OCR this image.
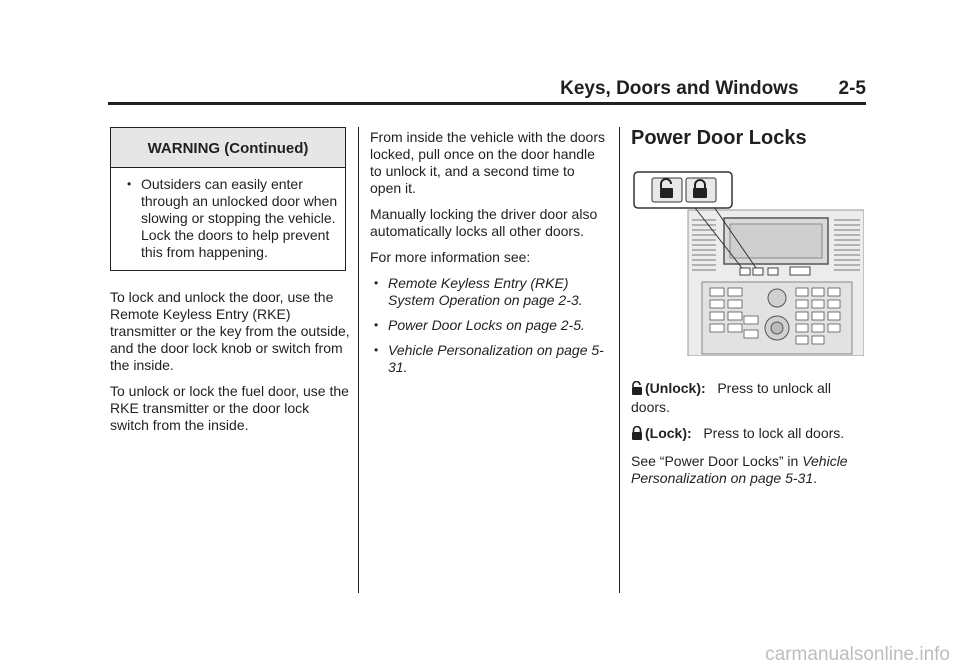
Keys, Doors and Windows 2-5
WARNING (Continued)
• Outsiders can easily enter through an unlocked door when slowing or stopping the vehicle. Lock the doors to help prevent this from happening.

To lock and unlock the door, use the Remote Keyless Entry (RKE) transmitter or the key from the outside, and the door lock knob or switch from the inside.

To unlock or lock the fuel door, use the RKE transmitter or the door lock switch from the inside.

From inside the vehicle with the doors locked, pull once on the door handle to unlock it, and a second time to open it.

Manually locking the driver door also automatically locks all other doors.

For more information see:

• Remote Keyless Entry (RKE) System Operation on page 2-3.
• Power Door Locks on page 2-5.
• Vehicle Personalization on page 5-31.
Power Door Locks

(Unlock): Press to unlock all doors.

(Lock): Press to lock all doors.

See “Power Door Locks” in Vehicle Personalization on page 5-31.

carmanualsonline.info
